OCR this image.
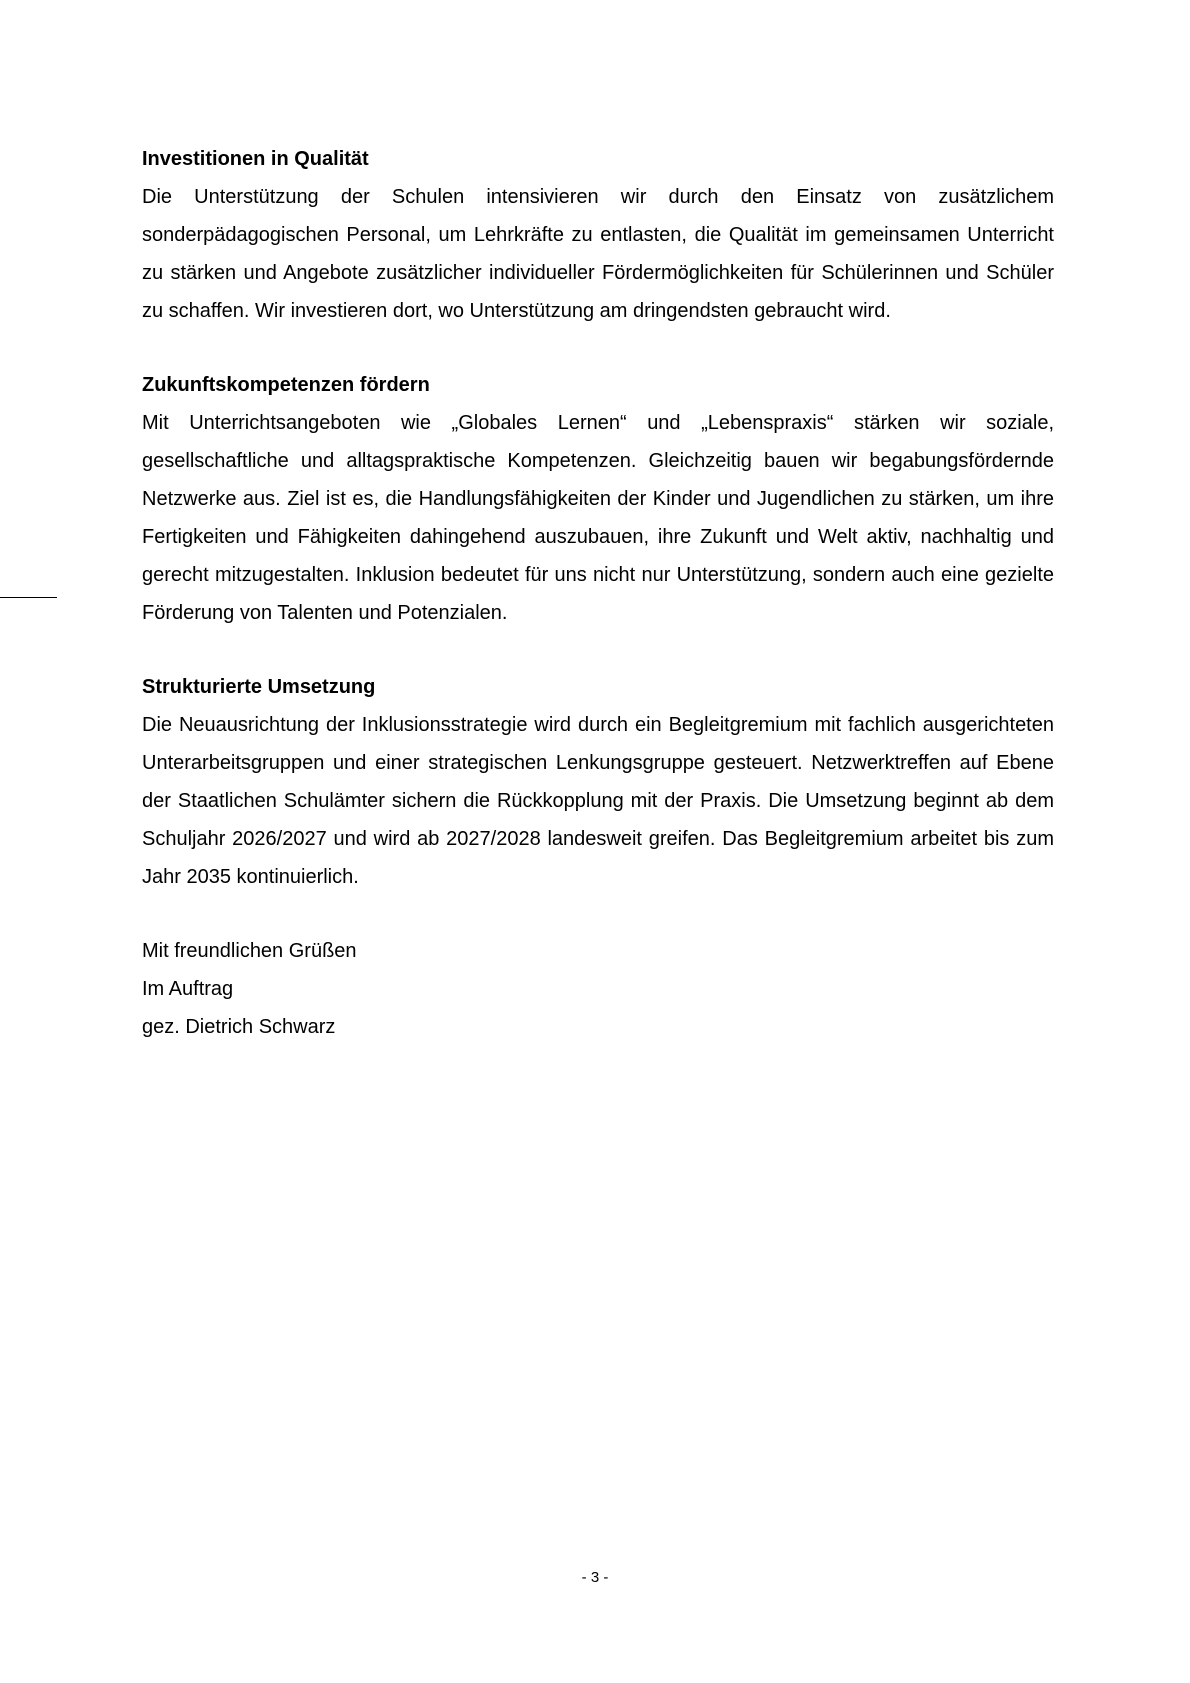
Investitionen in Qualität

Die Unterstützung der Schulen intensivieren wir durch den Einsatz von zusätzlichem sonderpädagogischen Personal, um Lehrkräfte zu entlasten, die Qualität im gemeinsamen Unterricht zu stärken und Angebote zusätzlicher individueller Fördermöglichkeiten für Schülerinnen und Schüler zu schaffen. Wir investieren dort, wo Unterstützung am dringendsten gebraucht wird.

Zukunftskompetenzen fördern

Mit Unterrichtsangeboten wie „Globales Lernen“ und „Lebenspraxis“ stärken wir soziale, gesellschaftliche und alltagspraktische Kompetenzen. Gleichzeitig bauen wir begabungsfördernde Netzwerke aus. Ziel ist es, die Handlungsfähigkeiten der Kinder und Jugendlichen zu stärken, um ihre Fertigkeiten und Fähigkeiten dahingehend auszubauen, ihre Zukunft und Welt aktiv, nachhaltig und gerecht mitzugestalten. Inklusion bedeutet für uns nicht nur Unterstützung, sondern auch eine gezielte Förderung von Talenten und Potenzialen.

Strukturierte Umsetzung

Die Neuausrichtung der Inklusionsstrategie wird durch ein Begleitgremium mit fachlich ausgerichteten Unterarbeitsgruppen und einer strategischen Lenkungsgruppe gesteuert. Netzwerktreffen auf Ebene der Staatlichen Schulämter sichern die Rückkopplung mit der Praxis. Die Umsetzung beginnt ab dem Schuljahr 2026/2027 und wird ab 2027/2028 landesweit greifen. Das Begleitgremium arbeitet bis zum Jahr 2035 kontinuierlich.

Mit freundlichen Grüßen
Im Auftrag
gez. Dietrich Schwarz
- 3 -
